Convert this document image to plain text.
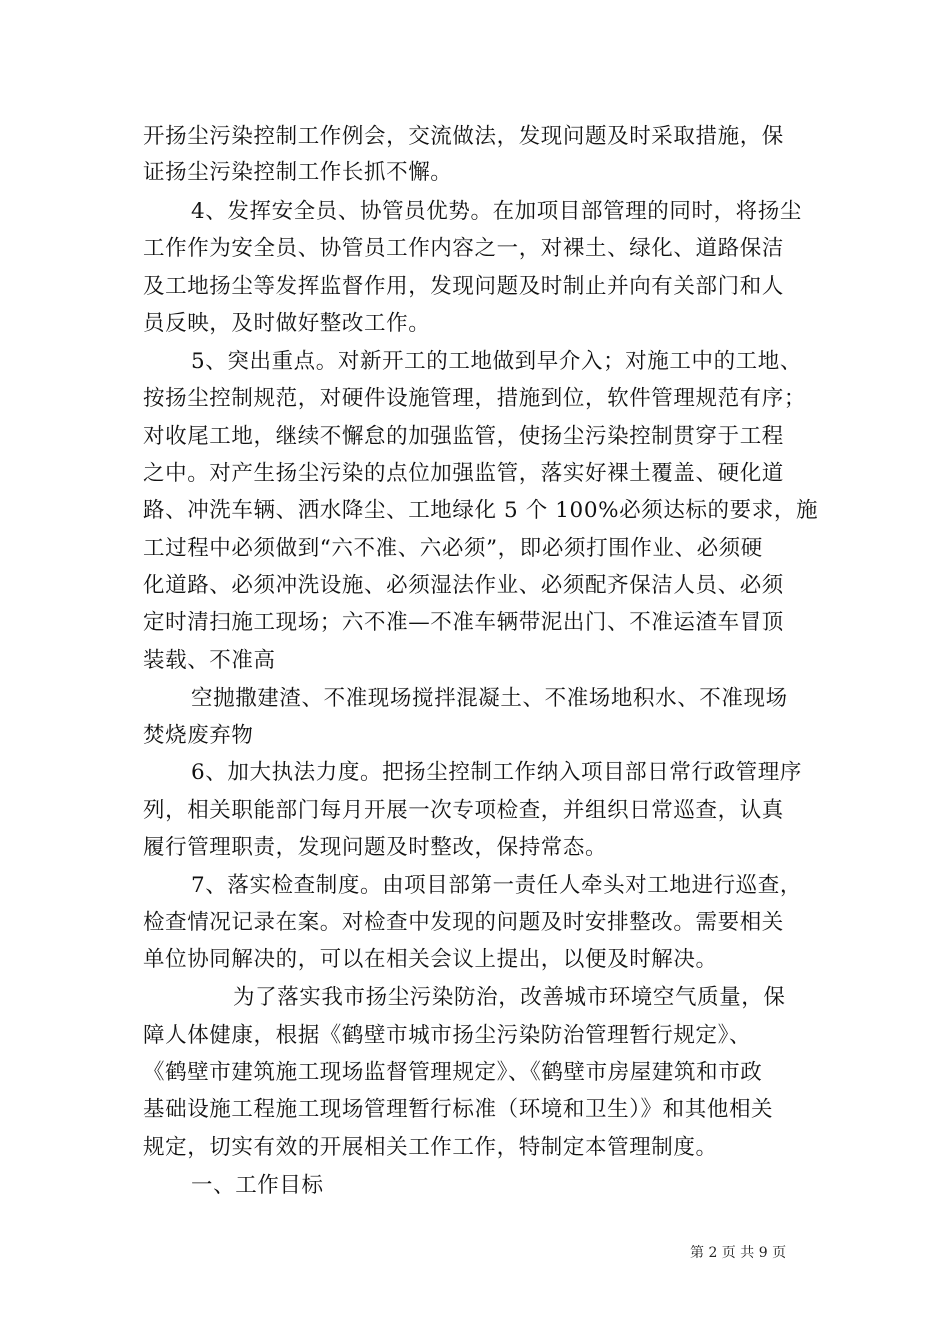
开扬尘污染控制工作例会，交流做法，发现问题及时采取措施，保
证扬尘污染控制工作长抓不懈。
4、发挥安全员、协管员优势。在加项目部管理的同时，将扬尘
工作作为安全员、协管员工作内容之一，对裸土、绿化、道路保洁
及工地扬尘等发挥监督作用，发现问题及时制止并向有关部门和人
员反映，及时做好整改工作。
5、突出重点。对新开工的工地做到早介入；对施工中的工地、
按扬尘控制规范，对硬件设施管理，措施到位，软件管理规范有序；
对收尾工地，继续不懈怠的加强监管，使扬尘污染控制贯穿于工程
之中。对产生扬尘污染的点位加强监管，落实好裸土覆盖、硬化道
路、冲洗车辆、洒水降尘、工地绿化 5 个 100%必须达标的要求，施
工过程中必须做到“六不准、六必须”，即必须打围作业、必须硬
化道路、必须冲洗设施、必须湿法作业、必须配齐保洁人员、必须
定时清扫施工现场；六不准—不准车辆带泥出门、不准运渣车冒顶
装载、不准高
空抛撒建渣、不准现场搅拌混凝土、不准场地积水、不准现场
焚烧废弃物
6、加大执法力度。把扬尘控制工作纳入项目部日常行政管理序
列，相关职能部门每月开展一次专项检查，并组织日常巡查，认真
履行管理职责，发现问题及时整改，保持常态。
7、落实检查制度。由项目部第一责任人牵头对工地进行巡查，
检查情况记录在案。对检查中发现的问题及时安排整改。需要相关
单位协同解决的，可以在相关会议上提出，以便及时解决。
为了落实我市扬尘污染防治，改善城市环境空气质量，保
障人体健康，根据《鹤壁市城市扬尘污染防治管理暂行规定》、
《鹤壁市建筑施工现场监督管理规定》、《鹤壁市房屋建筑和市政
基础设施工程施工现场管理暂行标准（环境和卫生）》和其他相关
规定，切实有效的开展相关工作工作，特制定本管理制度。
一、工作目标
第 2 页 共 9 页
